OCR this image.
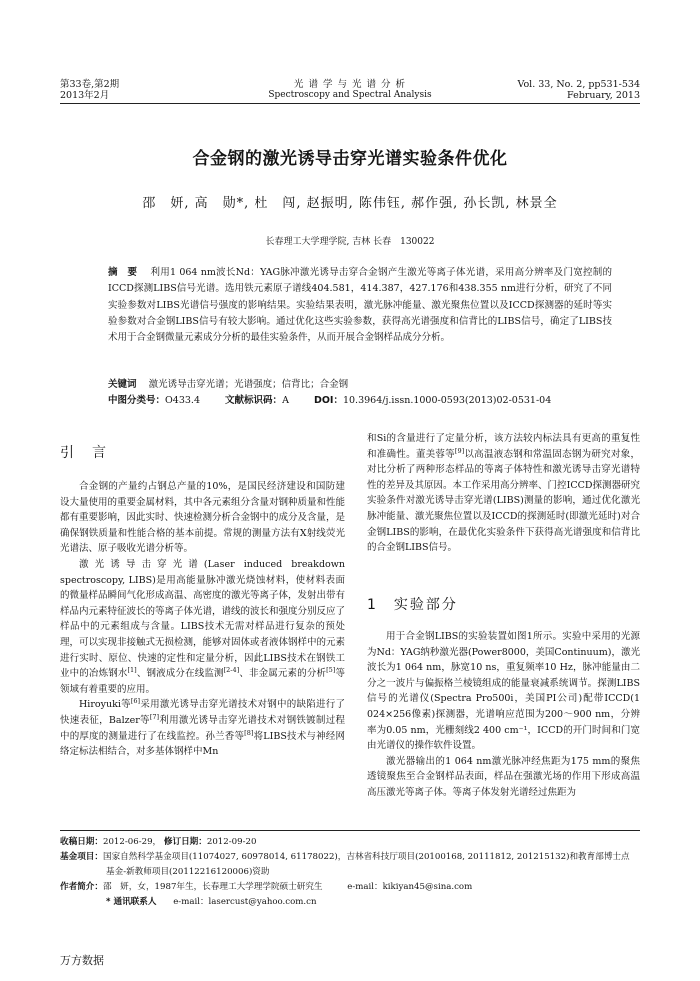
第33卷,第2期
2013年2月
光 谱 学 与 光 谱 分 析
Spectroscopy and Spectral Analysis
Vol. 33, No. 2, pp531-534
February, 2013
合金钢的激光诱导击穿光谱实验条件优化
邵　妍, 高　勋*, 杜　闯, 赵振明, 陈伟钰, 郝作强, 孙长凯, 林景全
长春理工大学理学院, 吉林 长春　130022
摘　要 利用1 064 nm波长Nd：YAG脉冲激光诱导击穿合金钢产生激光等离子体光谱，采用高分辨率及门宽控制的ICCD探测LIBS信号光谱。选用铁元素原子谱线404.581，414.387，427.176和438.355 nm进行分析，研究了不同实验参数对LIBS光谱信号强度的影响结果。实验结果表明，激光脉冲能量、激光聚焦位置以及ICCD探测器的延时等实验参数对合金钢LIBS信号有较大影响。通过优化这些实验参数，获得高光谱强度和信背比的LIBS信号，确定了LIBS技术用于合金钢微量元素成分分析的最佳实验条件，从而开展合金钢样品成分分析。
关键词 激光诱导击穿光谱；光谱强度；信背比；合金钢
中图分类号：O433.4	文献标识码：A	DOI：10.3964/j.issn.1000-0593(2013)02-0531-04
引　言

合金钢的产量约占钢总产量的10%，是国民经济建设和国防建设大量使用的重要金属材料，其中各元素组分含量对钢种质量和性能都有重要影响，因此实时、快速检测分析合金钢中的成分及含量，是确保钢铁质量和性能合格的基本前提。常规的测量方法有X射线荧光光谱法、原子吸收光谱分析等。

激光诱导击穿光谱(Laser induced breakdown spectroscopy, LIBS)是用高能量脉冲激光烧蚀材料，使材料表面的微量样品瞬间气化形成高温、高密度的激光等离子体，发射出带有样品内元素特征波长的等离子体光谱，谱线的波长和强度分别反应了样品中的元素组成与含量。LIBS技术无需对样品进行复杂的预处理，可以实现非接触式无损检测，能够对固体或者液体钢样中的元素进行实时、原位、快速的定性和定量分析，因此LIBS技术在钢铁工业中的冶炼钢水[1]、钢液成分在线监测[2-4]、非金属元素的分析[5]等领域有着重要的应用。

Hiroyuki等[6]采用激光诱导击穿光谱技术对钢中的缺陷进行了快速表征，Balzer等[7]利用激光诱导击穿光谱技术对钢铁镀制过程中的厚度的测量进行了在线监控。孙兰香等[8]将LIBS技术与神经网络定标法相结合，对多基体钢样中Mn

和Si的含量进行了定量分析，该方法较内标法具有更高的重复性和准确性。董美蓉等[9]以高温液态钢和常温固态钢为研究对象，对比分析了两种形态样品的等离子体特性和激光诱导击穿光谱特性的差异及其原因。本工作采用高分辨率、门控ICCD探测器研究实验条件对激光诱导击穿光谱(LIBS)测量的影响，通过优化激光脉冲能量、激光聚焦位置以及ICCD的探测延时(即激光延时)对合金钢LIBS的影响，在最优化实验条件下获得高光谱强度和信背比的合金钢LIBS信号。

1　实验部分

用于合金钢LIBS的实验装置如图1所示。实验中采用的光源为Nd：YAG纳秒激光器(Power8000，美国Continuum)，激光波长为1 064 nm，脉宽10 ns，重复频率10 Hz，脉冲能量由二分之一波片与偏振格兰棱镜组成的能量衰减系统调节。探测LIBS信号的光谱仪(Spectra Pro500i，美国PI公司)配带ICCD(1 024×256像素)探测器，光谱响应范围为200～900 nm，分辨率为0.05 nm，光栅刻线2 400 cm⁻¹，ICCD的开门时间和门宽由光谱仪的操作软件设置。

激光器输出的1 064 nm激光脉冲经焦距为175 mm的聚焦透镜聚焦至合金钢样品表面，样品在强激光场的作用下形成高温高压激光等离子体。等离子体发射光谱经过焦距为

收稿日期：2012-06-29， 修订日期：2012-09-20
基金项目：国家自然科学基金项目(11074027, 60978014, 61178022)，吉林省科技厅项目(20100168, 20111812, 201215132)和教育部博士点
基金-新教师项目(20112216120006)资助
作者简介：邵　妍，女，1987年生，长春理工大学理学院硕士研究生	e-mail：kikiyan45@sina.com
* 通讯联系人 e-mail：lasercust@yahoo.com.cn
万方数据
